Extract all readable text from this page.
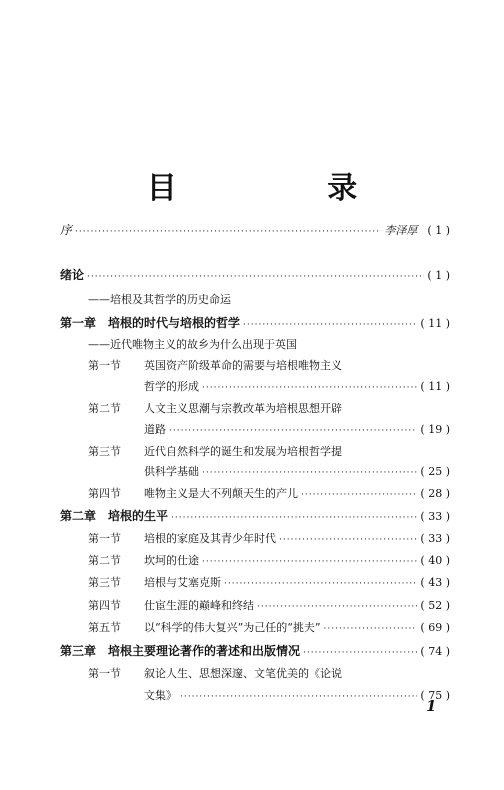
目 录
序 ·····	李泽厚 ( 1 )
绪论 ·····	( 1 )
——培根及其哲学的历史命运
第一章　培根的时代与培根的哲学 ·····	( 11 )
——近代唯物主义的故乡为什么出现于英国
第一节	英国资产阶级革命的需要与培根唯物主义
哲学的形成 ·····	( 11 )
第二节	人文主义思潮与宗教改革为培根思想开辟
道路 ·····	( 19 )
第三节	近代自然科学的诞生和发展为培根哲学提
供科学基础 ·····	( 25 )
第四节	唯物主义是大不列颠天生的产儿 ·····	( 28 )
第二章　培根的生平 ·····	( 33 )
第一节	培根的家庭及其青少年时代 ·····	( 33 )
第二节	坎坷的仕途 ·····	( 40 )
第三节	培根与艾塞克斯 ·····	( 43 )
第四节	仕宦生涯的巅峰和终结 ·····	( 52 )
第五节	以“科学的伟大复兴”为己任的“挑夫” ·····	( 69 )
第三章　培根主要理论著作的著述和出版情况 ·····	( 74 )
第一节	叙论人生、思想深邃、文笔优美的《论说
文集》 ·····	( 75 )
1
